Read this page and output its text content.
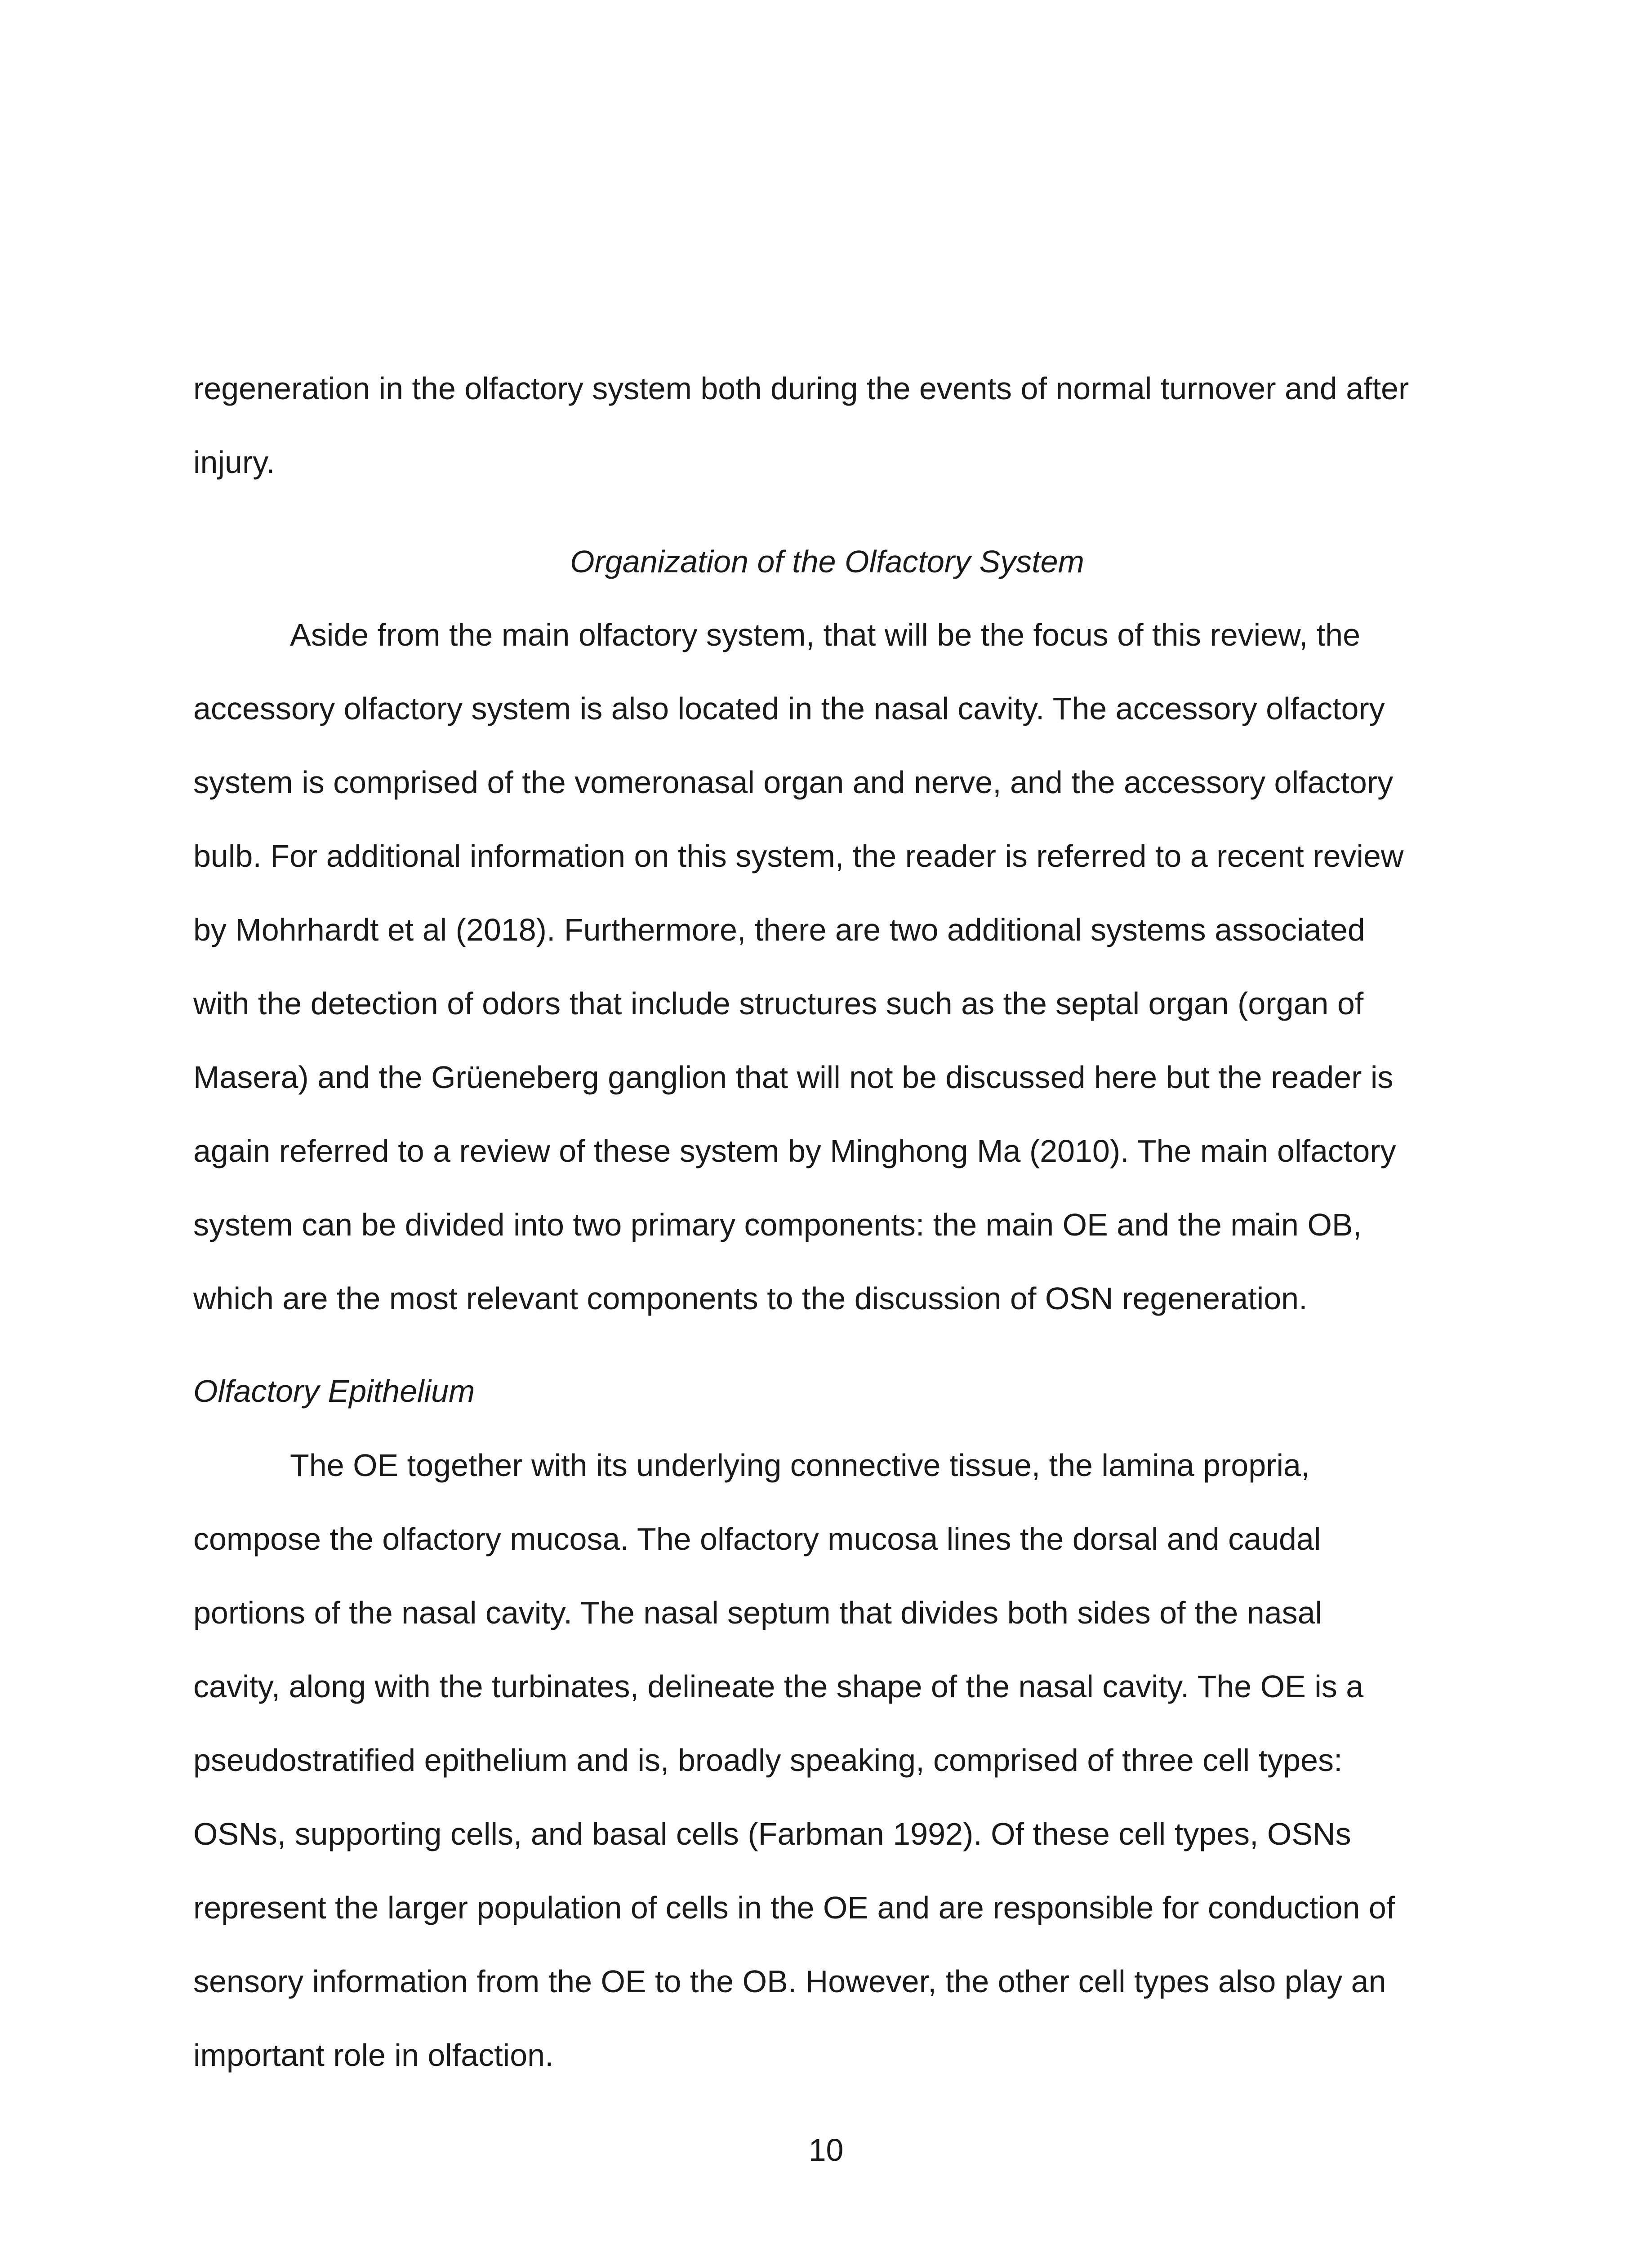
regeneration in the olfactory system both during the events of normal turnover and after
injury.
Organization of the Olfactory System
Aside from the main olfactory system, that will be the focus of this review, the
accessory olfactory system is also located in the nasal cavity. The accessory olfactory
system is comprised of the vomeronasal organ and nerve, and the accessory olfactory
bulb. For additional information on this system, the reader is referred to a recent review
by Mohrhardt et al (2018). Furthermore, there are two additional systems associated
with the detection of odors that include structures such as the septal organ (organ of
Masera) and the Grüeneberg ganglion that will not be discussed here but the reader is
again referred to a review of these system by Minghong Ma (2010). The main olfactory
system can be divided into two primary components: the main OE and the main OB,
which are the most relevant components to the discussion of OSN regeneration.
Olfactory Epithelium
The OE together with its underlying connective tissue, the lamina propria,
compose the olfactory mucosa. The olfactory mucosa lines the dorsal and caudal
portions of the nasal cavity. The nasal septum that divides both sides of the nasal
cavity, along with the turbinates, delineate the shape of the nasal cavity. The OE is a
pseudostratified epithelium and is, broadly speaking, comprised of three cell types:
OSNs, supporting cells, and basal cells (Farbman 1992). Of these cell types, OSNs
represent the larger population of cells in the OE and are responsible for conduction of
sensory information from the OE to the OB. However, the other cell types also play an
important role in olfaction.
10
